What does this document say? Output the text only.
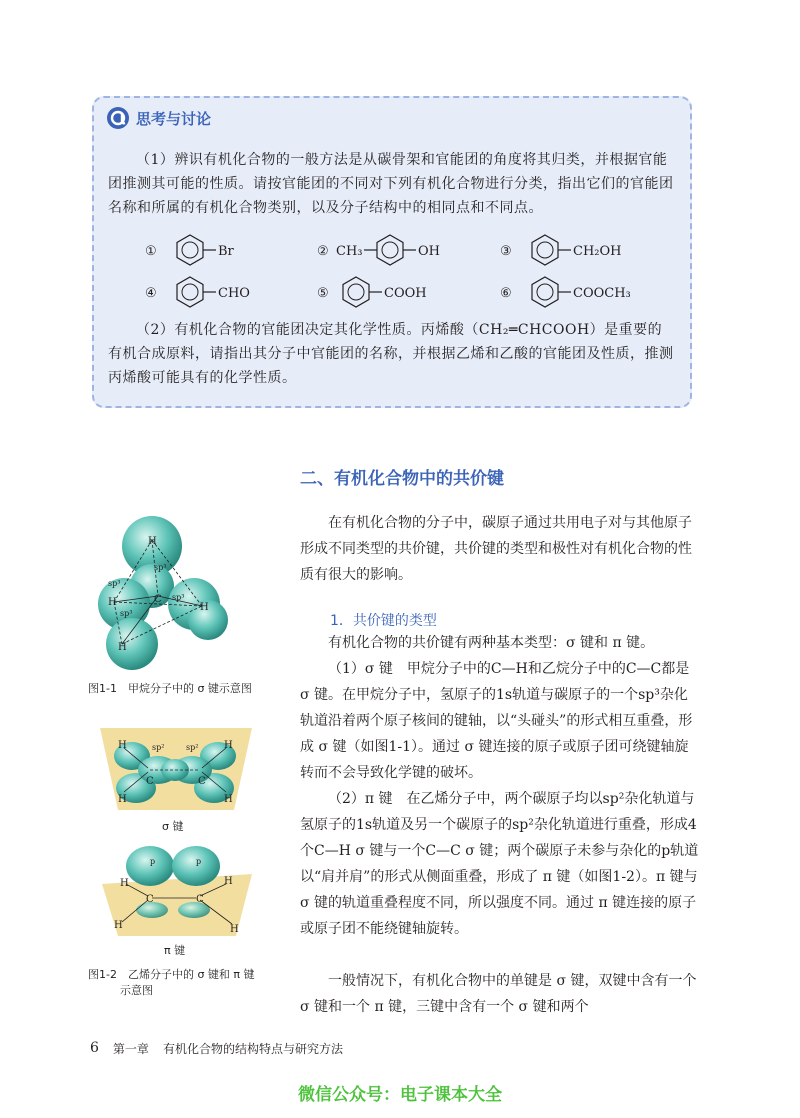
思考与讨论
（1）辨识有机化合物的一般方法是从碳骨架和官能团的角度将其归类，并根据官能团推测其可能的性质。请按官能团的不同对下列有机化合物进行分类，指出它们的官能团名称和所属的有机化合物类别，以及分子结构中的相同点和不同点。
①	Br	② CH₃	OH	③	CH₂OH
④	CHO	⑤	COOH	⑥	COOCH₃
（2）有机化合物的官能团决定其化学性质。丙烯酸（CH₂═CHCOOH）是重要的有机合成原料，请指出其分子中官能团的名称，并根据乙烯和乙酸的官能团及性质，推测丙烯酸可能具有的化学性质。
二、有机化合物中的共价键
在有机化合物的分子中，碳原子通过共用电子对与其他原子形成不同类型的共价键，共价键的类型和极性对有机化合物的性质有很大的影响。
1．共价键的类型
有机化合物的共价键有两种基本类型：σ 键和 π 键。
（1）σ 键　甲烷分子中的C—H和乙烷分子中的C—C都是 σ 键。在甲烷分子中，氢原子的1s轨道与碳原子的一个sp³杂化轨道沿着两个原子核间的键轴，以“头碰头”的形式相互重叠，形成 σ 键（如图1-1）。通过 σ 键连接的原子或原子团可绕键轴旋转而不会导致化学键的破坏。
（2）π 键　在乙烯分子中，两个碳原子均以sp²杂化轨道与氢原子的1s轨道及另一个碳原子的sp²杂化轨道进行重叠，形成4个C—H σ 键与一个C—C σ 键；两个碳原子未参与杂化的p轨道以“肩并肩”的形式从侧面重叠，形成了 π 键（如图1-2）。π 键与 σ 键的轨道重叠程度不同，所以强度不同。通过 π 键连接的原子或原子团不能绕键轴旋转。
一般情况下，有机化合物中的单键是 σ 键，双键中含有一个 σ 键和一个 π 键，三键中含有一个 σ 键和两个
H
C
H	H
H
sp³
sp³
sp³
sp³
图1-1　甲烷分子中的 σ 键示意图
H
H
H
H
C	C
sp²	sp²
σ 键
H
H
H
H
C	C
p	p
π 键
图1-2　乙烯分子中的 σ 键和 π 键
示意图
6 第一章 有机化合物的结构特点与研究方法
微信公众号：电子课本大全
